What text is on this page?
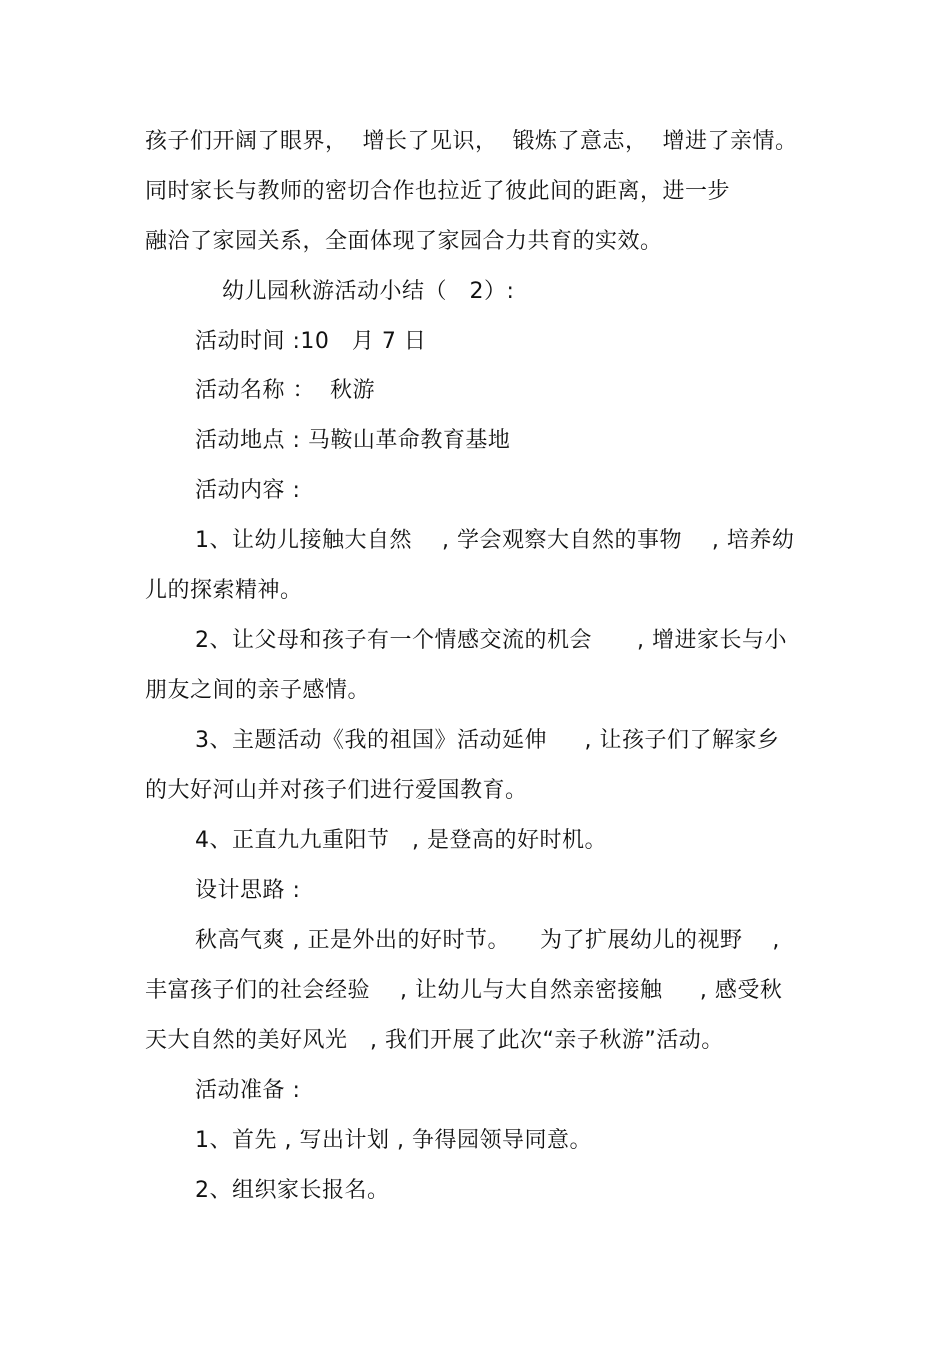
孩子们开阔了眼界，  增长了见识，  锻炼了意志，  增进了亲情。

同时家长与教师的密切合作也拉近了彼此间的距离，进一步

融洽了家园关系，全面体现了家园合力共育的实效。

幼儿园秋游活动小结（   2）:

活动时间 :10   月 7 日

活动名称 ：  秋游

活动地点 : 马鞍山革命教育基地

活动内容 :

1、让幼儿接触大自然    , 学会观察大自然的事物    , 培养幼

儿的探索精神。

2、让父母和孩子有一个情感交流的机会      , 增进家长与小

朋友之间的亲子感情。

3、主题活动《我的祖国》活动延伸     , 让孩子们了解家乡

的大好河山并对孩子们进行爱国教育。

4、正直九九重阳节   , 是登高的好时机。

设计思路 :

秋高气爽 , 正是外出的好时节。    为了扩展幼儿的视野    ,

丰富孩子们的社会经验    , 让幼儿与大自然亲密接触     , 感受秋

天大自然的美好风光   , 我们开展了此次“亲子秋游”活动。

活动准备 :

1、首先 , 写出计划 , 争得园领导同意。

2、组织家长报名。
